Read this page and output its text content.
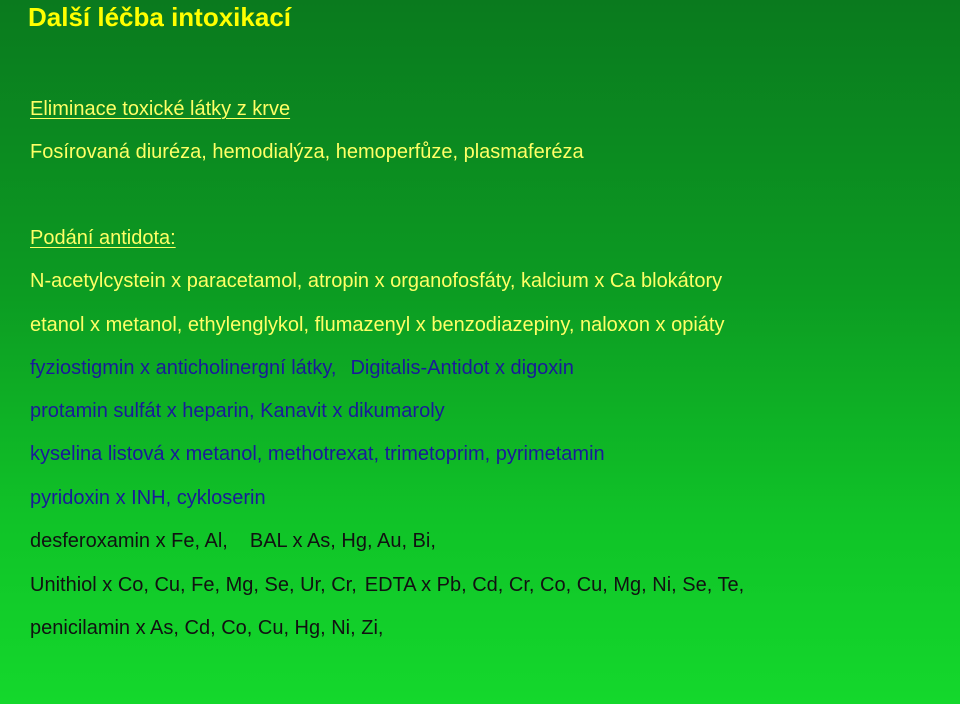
Další léčba intoxikací
Eliminace toxické látky z krve
Fosírovaná diuréza, hemodialýza, hemoperfůze, plasmaferéza
Podání antidota:
N-acetylcystein x paracetamol, atropin x organofosfáty, kalcium x Ca blokátory
etanol x metanol, ethylenglykol, flumazenyl x benzodiazepiny, naloxon x opiáty
fyziostigmin x anticholinergní látky, Digitalis-Antidot x digoxin
protamin sulfát x heparin, Kanavit x dikumaroly
kyselina listová x metanol, methotrexat, trimetoprim, pyrimetamin
pyridoxin x INH, cykloserin
desferoxamin x Fe, Al, BAL x As, Hg, Au, Bi,
Unithiol x Co, Cu, Fe, Mg, Se, Ur, Cr, EDTA x Pb, Cd, Cr, Co, Cu, Mg, Ni, Se, Te,
penicilamin x As, Cd, Co, Cu, Hg, Ni, Zi,
